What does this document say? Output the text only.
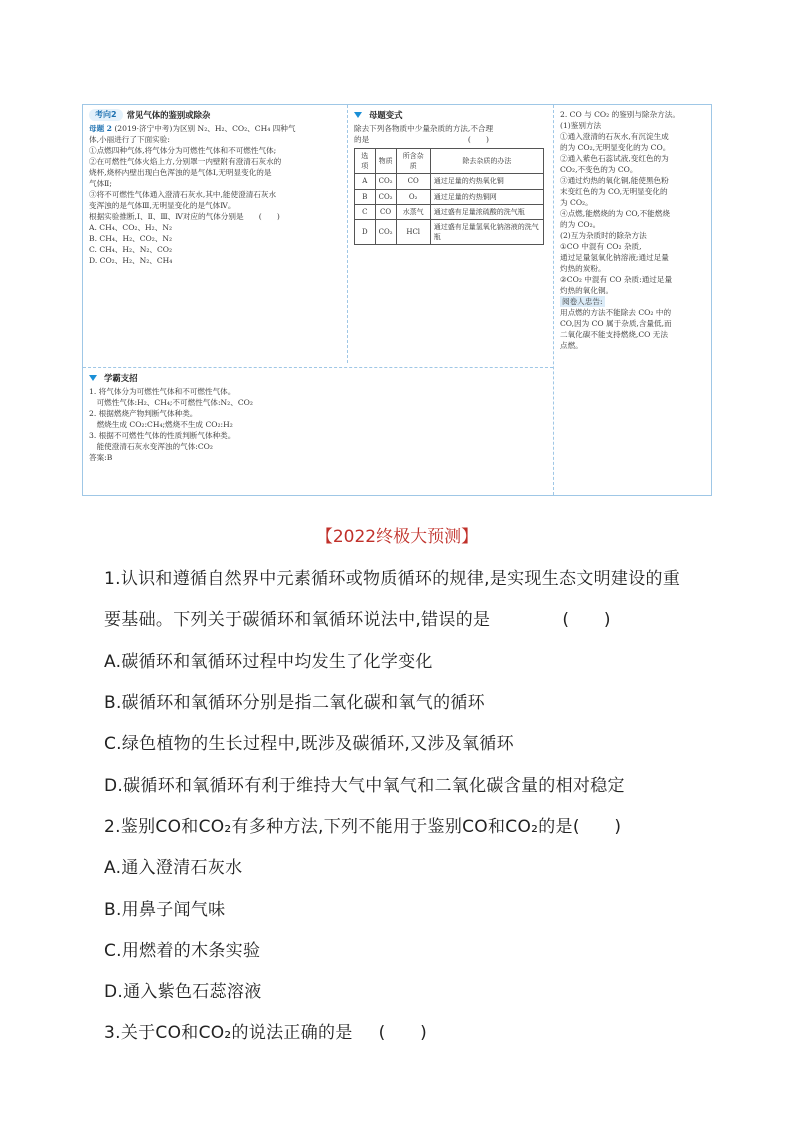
考向2	常见气体的鉴别或除杂
母题 2 (2019·济宁中考)为区别 N₂、H₂、CO₂、CH₄ 四种气
体,小丽进行了下面实验:
①点燃四种气体,将气体分为可燃性气体和不可燃性气体;
②在可燃性气体火焰上方,分别罩一内壁附有澄清石灰水的
烧杯,烧杯内壁出现白色浑浊的是气体Ⅰ,无明显变化的是
气体Ⅱ;
③将不可燃性气体通入澄清石灰水,其中,能使澄清石灰水
变浑浊的是气体Ⅲ,无明显变化的是气体Ⅳ。
根据实验推断,Ⅰ、Ⅱ、Ⅲ、Ⅳ对应的气体分别是　　(　　)
A. CH₄、CO₂、H₂、N₂
B. CH₄、H₂、CO₂、N₂
C. CH₄、H₂、N₂、CO₂
D. CO₂、H₂、N₂、CH₄
母题变式
除去下列各物质中少量杂质的方法,不合理
的是　　　　　　　　　　　　　(　　)
选项	物质	所含杂质	除去杂质的办法
A	CO₂	CO	通过足量的灼热氧化铜
B	CO₂	O₂	通过足量的灼热铜网
C	CO	水蒸气	通过盛有足量浓硫酸的洗气瓶
D	CO₂	HCl	通过盛有足量氢氧化钠溶液的洗气瓶
2. CO 与 CO₂ 的鉴别与除杂方法。
(1)鉴别方法
①通入澄清的石灰水,有沉淀生成
的为 CO₂,无明显变化的为 CO。
②通入紫色石蕊试液,变红色的为
CO₂,不变色的为 CO。
③通过灼热的氧化铜,能使黑色粉
末变红色的为 CO,无明显变化的
为 CO₂。
④点燃,能燃烧的为 CO,不能燃烧
的为 CO₂。
(2)互为杂质时的除杂方法
①CO 中混有 CO₂ 杂质,
通过足量氢氧化钠溶液;通过足量
灼热的炭粉。
②CO₂ 中混有 CO 杂质:通过足量
灼热的氧化铜。
阅卷人忠告:
用点燃的方法不能除去 CO₂ 中的
CO,因为 CO 属于杂质,含量低,而
二氧化碳不能支持燃烧,CO 无法
点燃。
学霸支招
1. 将气体分为可燃性气体和不可燃性气体。
　可燃性气体:H₂、CH₄;不可燃性气体:N₂、CO₂
2. 根据燃烧产物判断气体种类。
　燃烧生成 CO₂:CH₄;燃烧不生成 CO₂:H₂
3. 根据不可燃性气体的性质判断气体种类。
　能使澄清石灰水变浑浊的气体:CO₂
答案:B
【2022终极大预测】
1.认识和遵循自然界中元素循环或物质循环的规律,是实现生态文明建设的重
要基础。下列关于碳循环和氧循环说法中,错误的是	(　　)
A.碳循环和氧循环过程中均发生了化学变化
B.碳循环和氧循环分别是指二氧化碳和氧气的循环
C.绿色植物的生长过程中,既涉及碳循环,又涉及氧循环
D.碳循环和氧循环有利于维持大气中氧气和二氧化碳含量的相对稳定
2.鉴别CO和CO₂有多种方法,下列不能用于鉴别CO和CO₂的是(　　)
A.通入澄清石灰水
B.用鼻子闻气味
C.用燃着的木条实验
D.通入紫色石蕊溶液
3.关于CO和CO₂的说法正确的是 (　　)
